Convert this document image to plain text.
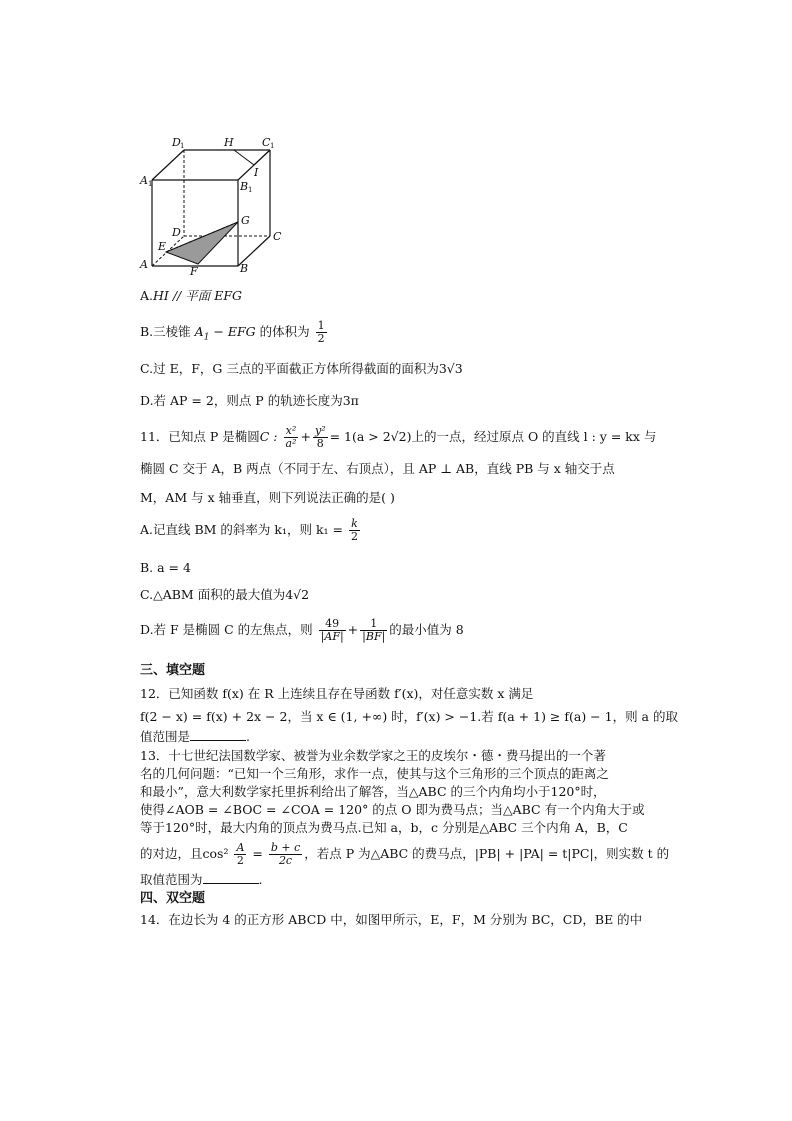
D 1	H	C 1
A 1
I
B 1
G
D	C
E
A
F	B
A.HI // 平面 EFG
B.三棱锥 $A_1$ − EFG 的体积为 $\frac{1}{2}$
C.过 E，F，G 三点的平面截正方体所得截面的面积为3√3
D.若 AP = 2，则点 P 的轨迹长度为3π
11．已知点 P 是椭圆C : $\frac{\text{x²}}{\text{a²}} + \frac{\text{y²}}{8} = 1(a > 2√2)$上的一点，经过原点 O 的直线 l : y = kx 与
椭圆 C 交于 A，B 两点（不同于左、右顶点），且 AP ⊥ AB，直线 PB 与 x 轴交于点
M，AM 与 x 轴垂直，则下列说法正确的是( )
A.记直线 BM 的斜率为 k₁，则 $k_1 = \frac{k}{2}$
B. a = 4
C.△ABM 面积的最大值为4√2
D.若 F 是椭圆 C 的左焦点，则 $\frac{49}{|AF|} + \frac{1}{|BF|}$ 的最小值为 8
三、填空题
12．已知函数 f(x) 在 R 上连续且存在导函数 f′(x)，对任意实数 x 满足
f(2 − x) = f(x) + 2x − 2，当 x ∈ (1, +∞) 时，f′(x) > −1.若 f(a + 1) ≥ f(a) − 1，则 a 的取
值范围是	.
13．十七世纪法国数学家、被誉为业余数学家之王的皮埃尔・德・费马提出的一个著
名的几何问题：“已知一个三角形，求作一点，使其与这个三角形的三个顶点的距离之
和最小”，意大利数学家托里拆利给出了解答，当△ABC 的三个内角均小于120°时，
使得∠AOB = ∠BOC = ∠COA = 120° 的点 O 即为费马点；当△ABC 有一个内角大于或
等于120°时，最大内角的顶点为费马点.已知 a，b，c 分别是△ABC 三个内角 A，B，C
的对边，且$\cos^2 \frac{A}{2} = \frac{b + c}{2c}$ ，若点 P 为△ABC 的费马点，|PB| + |PA| = t|PC|，则实数 t 的
取值范围为	.
四、双空题
14．在边长为 4 的正方形 ABCD 中，如图甲所示，E，F，M 分别为 BC，CD，BE 的中
